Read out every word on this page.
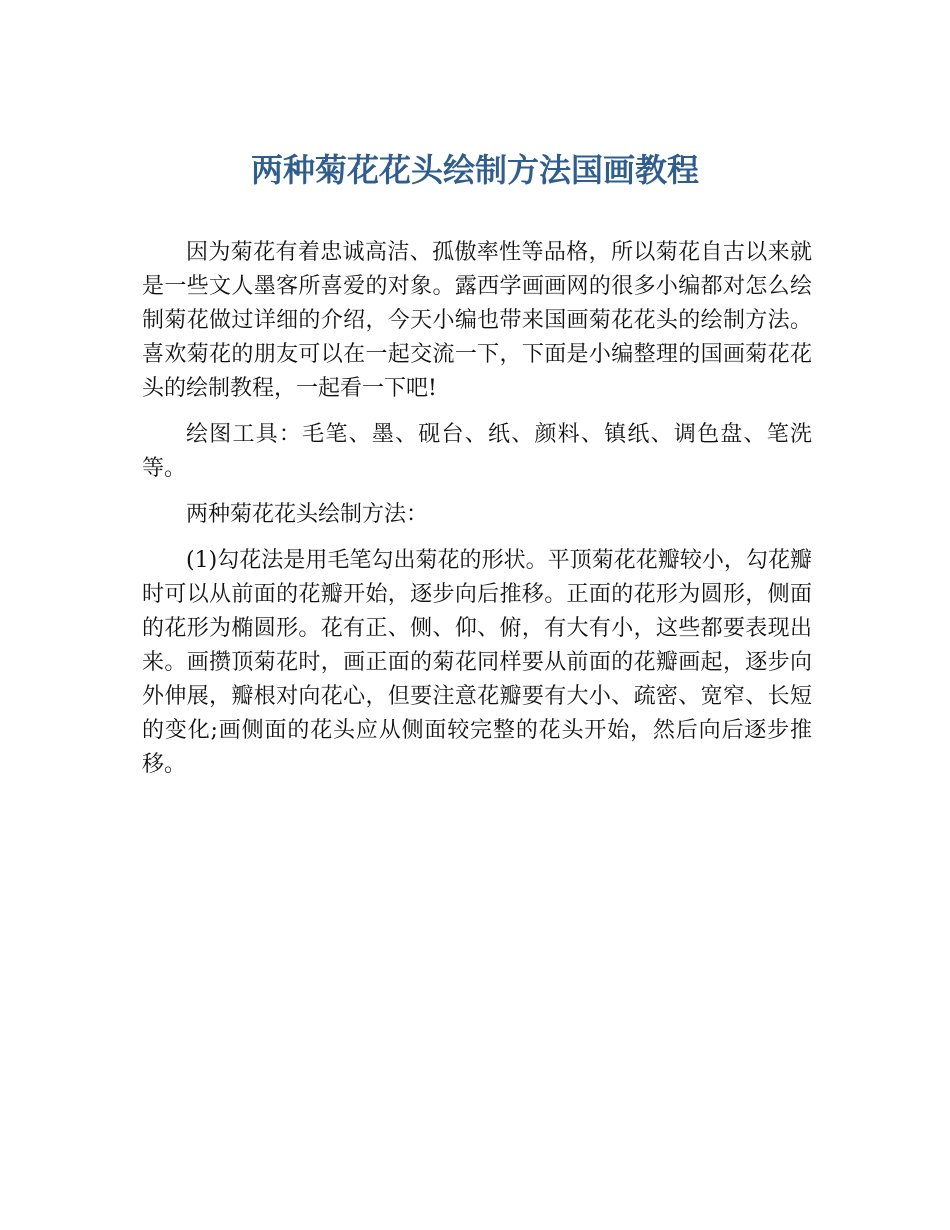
两种菊花花头绘制方法国画教程

因为菊花有着忠诚高洁、孤傲率性等品格，所以菊花自古以来就是一些文人墨客所喜爱的对象。露西学画画网的很多小编都对怎么绘制菊花做过详细的介绍，今天小编也带来国画菊花花头的绘制方法。喜欢菊花的朋友可以在一起交流一下，下面是小编整理的国画菊花花头的绘制教程，一起看一下吧!

绘图工具：毛笔、墨、砚台、纸、颜料、镇纸、调色盘、笔洗等。

两种菊花花头绘制方法：

(1)勾花法是用毛笔勾出菊花的形状。平顶菊花花瓣较小，勾花瓣时可以从前面的花瓣开始，逐步向后推移。正面的花形为圆形，侧面的花形为椭圆形。花有正、侧、仰、俯，有大有小，这些都要表现出来。画攒顶菊花时，画正面的菊花同样要从前面的花瓣画起，逐步向外伸展，瓣根对向花心，但要注意花瓣要有大小、疏密、宽窄、长短的变化;画侧面的花头应从侧面较完整的花头开始，然后向后逐步推移。
